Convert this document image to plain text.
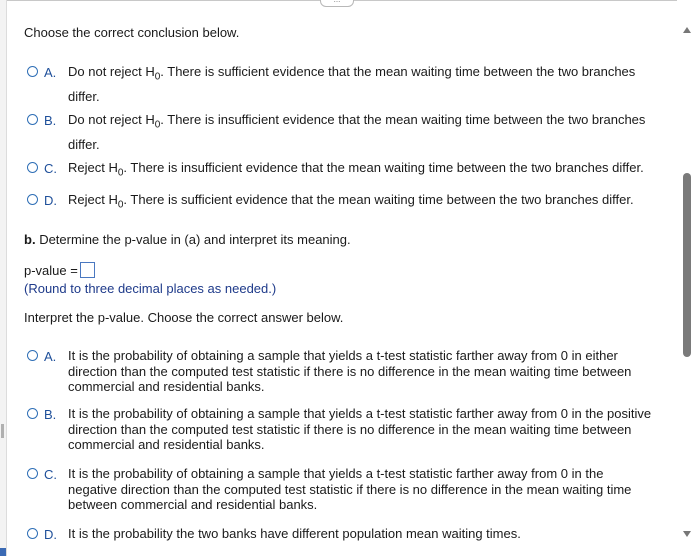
Choose the correct conclusion below.
A. Do not reject $H_0$. There is sufficient evidence that the mean waiting time between the two branches differ.
B. Do not reject $H_0$. There is insufficient evidence that the mean waiting time between the two branches differ.
C. Reject $H_0$. There is insufficient evidence that the mean waiting time between the two branches differ.
D. Reject $H_0$. There is sufficient evidence that the mean waiting time between the two branches differ.
b. Determine the p-value in (a) and interpret its meaning.
p-value =
(Round to three decimal places as needed.)
Interpret the p-value. Choose the correct answer below.
A. It is the probability of obtaining a sample that yields a t-test statistic farther away from 0 in either direction than the computed test statistic if there is no difference in the mean waiting time between commercial and residential banks.
B. It is the probability of obtaining a sample that yields a t-test statistic farther away from 0 in the positive direction than the computed test statistic if there is no difference in the mean waiting time between commercial and residential banks.
C. It is the probability of obtaining a sample that yields a t-test statistic farther away from 0 in the negative direction than the computed test statistic if there is no difference in the mean waiting time between commercial and residential banks.
D. It is the probability the two banks have different population mean waiting times.
